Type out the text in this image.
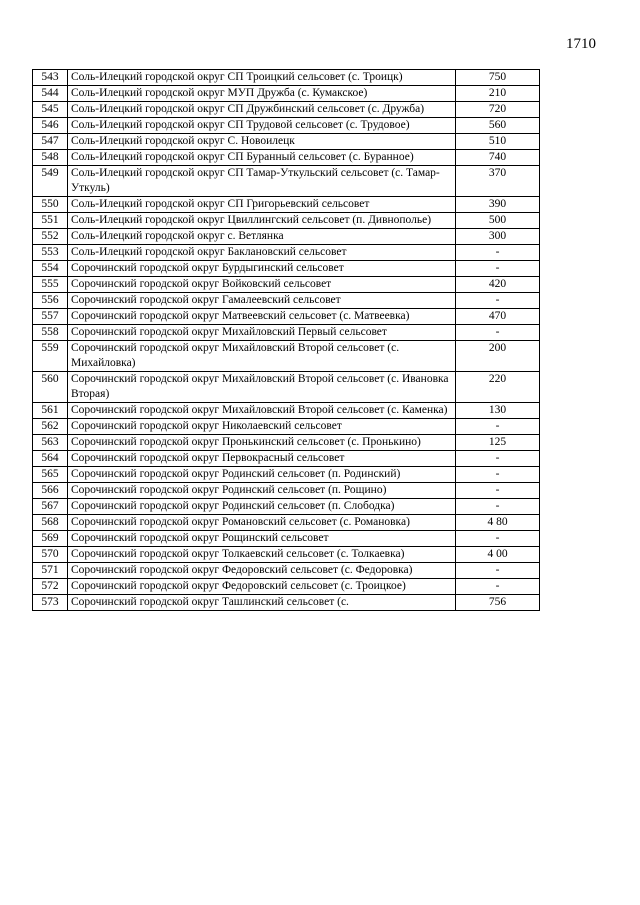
1710
543	Соль-Илецкий городской округ СП Троицкий сельсовет (с. Троицк)	750
544	Соль-Илецкий городской округ МУП Дружба (с. Кумакское)	210
545	Соль-Илецкий городской округ СП Дружбинский сельсовет (с. Дружба)	720
546	Соль-Илецкий городской округ СП Трудовой сельсовет (с. Трудовое)	560
547	Соль-Илецкий городской округ С. Новоилецк	510
548	Соль-Илецкий городской округ СП Буранный сельсовет (с. Буранное)	740
549	Соль-Илецкий городской округ СП Тамар-Уткульский сельсовет (с. Тамар-Уткуль)	370
550	Соль-Илецкий городской округ СП Григорьевский сельсовет	390
551	Соль-Илецкий городской округ Цвиллингский сельсовет (п. Дивнополье)	500
552	Соль-Илецкий городской округ с. Ветлянка	300
553	Соль-Илецкий городской округ Баклановский сельсовет	-
554	Сорочинский городской округ Бурдыгинский сельсовет	-
555	Сорочинский городской округ Войковский сельсовет	420
556	Сорочинский городской округ Гамалеевский сельсовет	-
557	Сорочинский городской округ Матвеевский сельсовет (с. Матвеевка)	470
558	Сорочинский городской округ Михайловский Первый сельсовет	-
559	Сорочинский городской округ Михайловский Второй сельсовет (с. Михайловка)	200
560	Сорочинский городской округ Михайловский Второй сельсовет (с. Ивановка Вторая)	220
561	Сорочинский городской округ Михайловский Второй сельсовет (с. Каменка)	130
562	Сорочинский городской округ Николаевский сельсовет	-
563	Сорочинский городской округ Пронькинский сельсовет (с. Пронькино)	125
564	Сорочинский городской округ Первокрасный сельсовет	-
565	Сорочинский городской округ Родинский сельсовет (п. Родинский)	-
566	Сорочинский городской округ Родинский сельсовет (п. Рощино)	-
567	Сорочинский городской округ Родинский сельсовет (п. Слободка)	-
568	Сорочинский городской округ Романовский сельсовет (с. Романовка)	4 80
569	Сорочинский городской округ Рощинский сельсовет	-
570	Сорочинский городской округ Толкаевский сельсовет (с. Толкаевка)	4 00
571	Сорочинский городской округ Федоровский сельсовет (с. Федоровка)	-
572	Сорочинский городской округ Федоровский сельсовет (с. Троицкое)	-
573	Сорочинский городской округ Ташлинский сельсовет (с.	756
